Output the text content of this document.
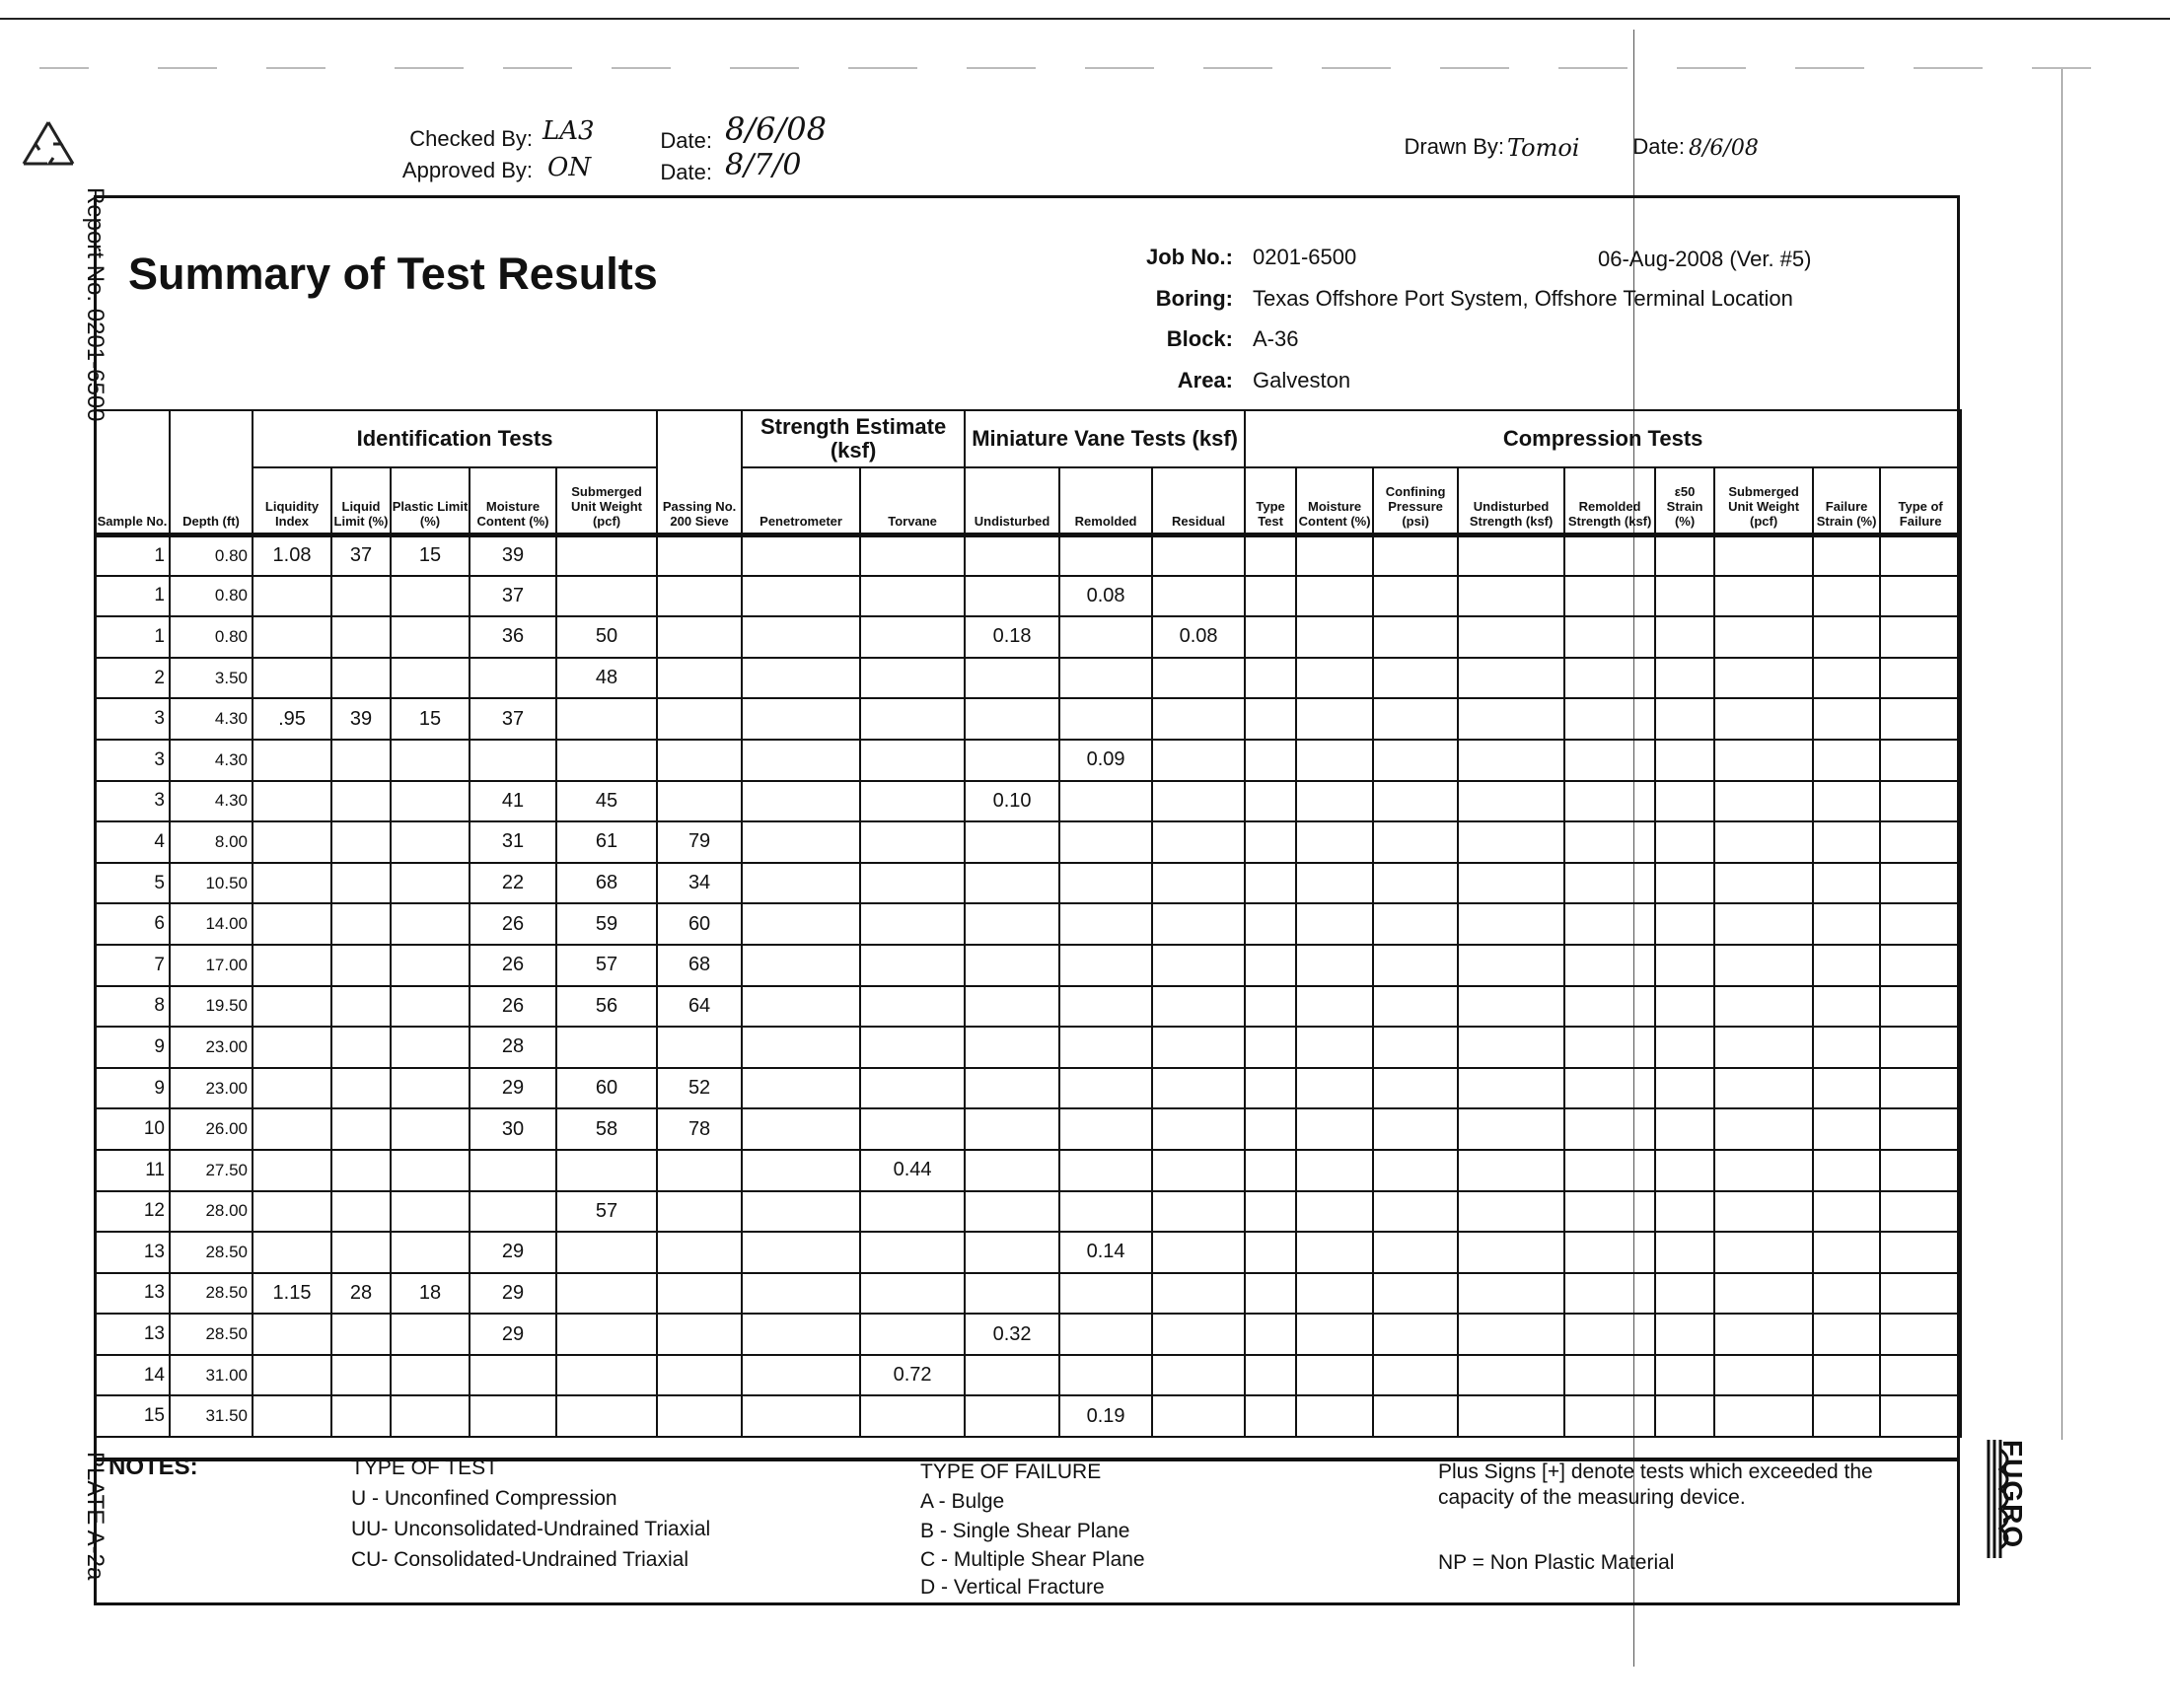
Report No. 0201-6500
PLATE A-2a
Checked By: LA3
Approved By: ON
Date: 8/6/08
Date: 8/7/0
Drawn By: Tomoi	Date: 8/6/08
Summary of Test Results	Job No.: 0201-6500	06-Aug-2008 (Ver. #5)
Boring: Texas Offshore Port System, Offshore Terminal Location
Block: A-36
Area: Galveston
Sample No.	Depth (ft)	Identification Tests					Passing No. 200 Sieve	Strength Estimate (ksf)		Miniature Vane Tests (ksf)			Compression Tests								
		Liquidity Index	Liquid Limit (%)	Plastic Limit (%)	Moisture Content (%)	Submerged Unit Weight (pcf)		Penetrometer	Torvane	Undisturbed	Remolded	Residual	Type Test	Moisture Content (%)	Confining Pressure (psi)	Undisturbed Strength (ksf)	Remolded Strength (ksf)	ε50 Strain (%)	Submerged Unit Weight (pcf)	Failure Strain (%)	Type of Failure
1	0.80	1.08	37	15	39																
1	0.80				37						0.08										
1	0.80				36	50				0.18		0.08									
2	3.50					48															
3	4.30	.95	39	15	37																
3	4.30										0.09										
3	4.30				41	45				0.10											
4	8.00				31	61	79														
5	10.50				22	68	34														
6	14.00				26	59	60														
7	17.00				26	57	68														
8	19.50				26	56	64														
9	23.00				28																
9	23.00				29	60	52														
10	26.00				30	58	78														
11	27.50								0.44												
12	28.00					57															
13	28.50				29						0.14										
13	28.50	1.15	28	18	29																
13	28.50				29					0.32											
14	31.00								0.72												
15	31.50										0.19										
NOTES:	TYPE OF TEST
U - Unconfined Compression
UU- Unconsolidated-Undrained Triaxial
CU- Consolidated-Undrained Triaxial
TYPE OF FAILURE
A - Bulge
B - Single Shear Plane
C - Multiple Shear Plane
D - Vertical Fracture
Plus Signs [+] denote tests which exceeded the capacity of the measuring device.
NP = Non Plastic Material
FUGRO
